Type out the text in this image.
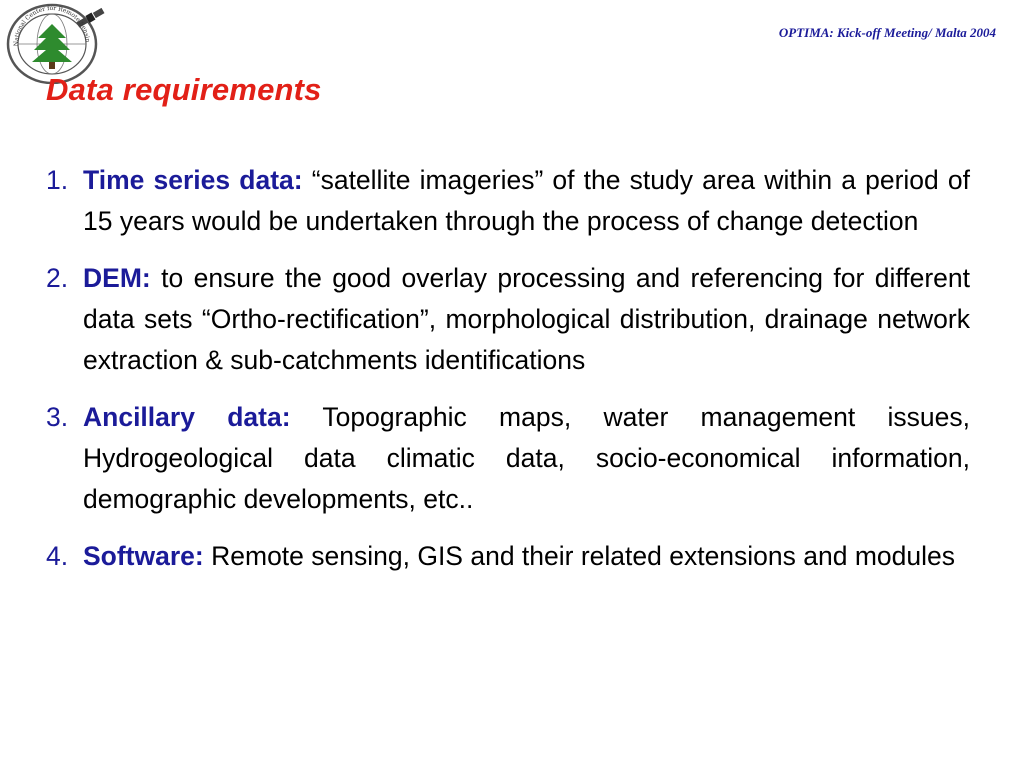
National Center for Remote Sensin
OPTIMA: Kick-off Meeting/ Malta 2004
Data requirements
1. Time series data: “satellite imageries” of the study area within a period of 15 years would be undertaken through the process of change detection
2. DEM: to ensure the good overlay processing and referencing for different data sets “Ortho-rectification”, morphological distribution, drainage network extraction & sub-catchments identifications
3. Ancillary data: Topographic maps, water management issues, Hydrogeological data climatic data, socio-economical information, demographic developments, etc..
4. Software: Remote sensing, GIS and their related extensions and modules
